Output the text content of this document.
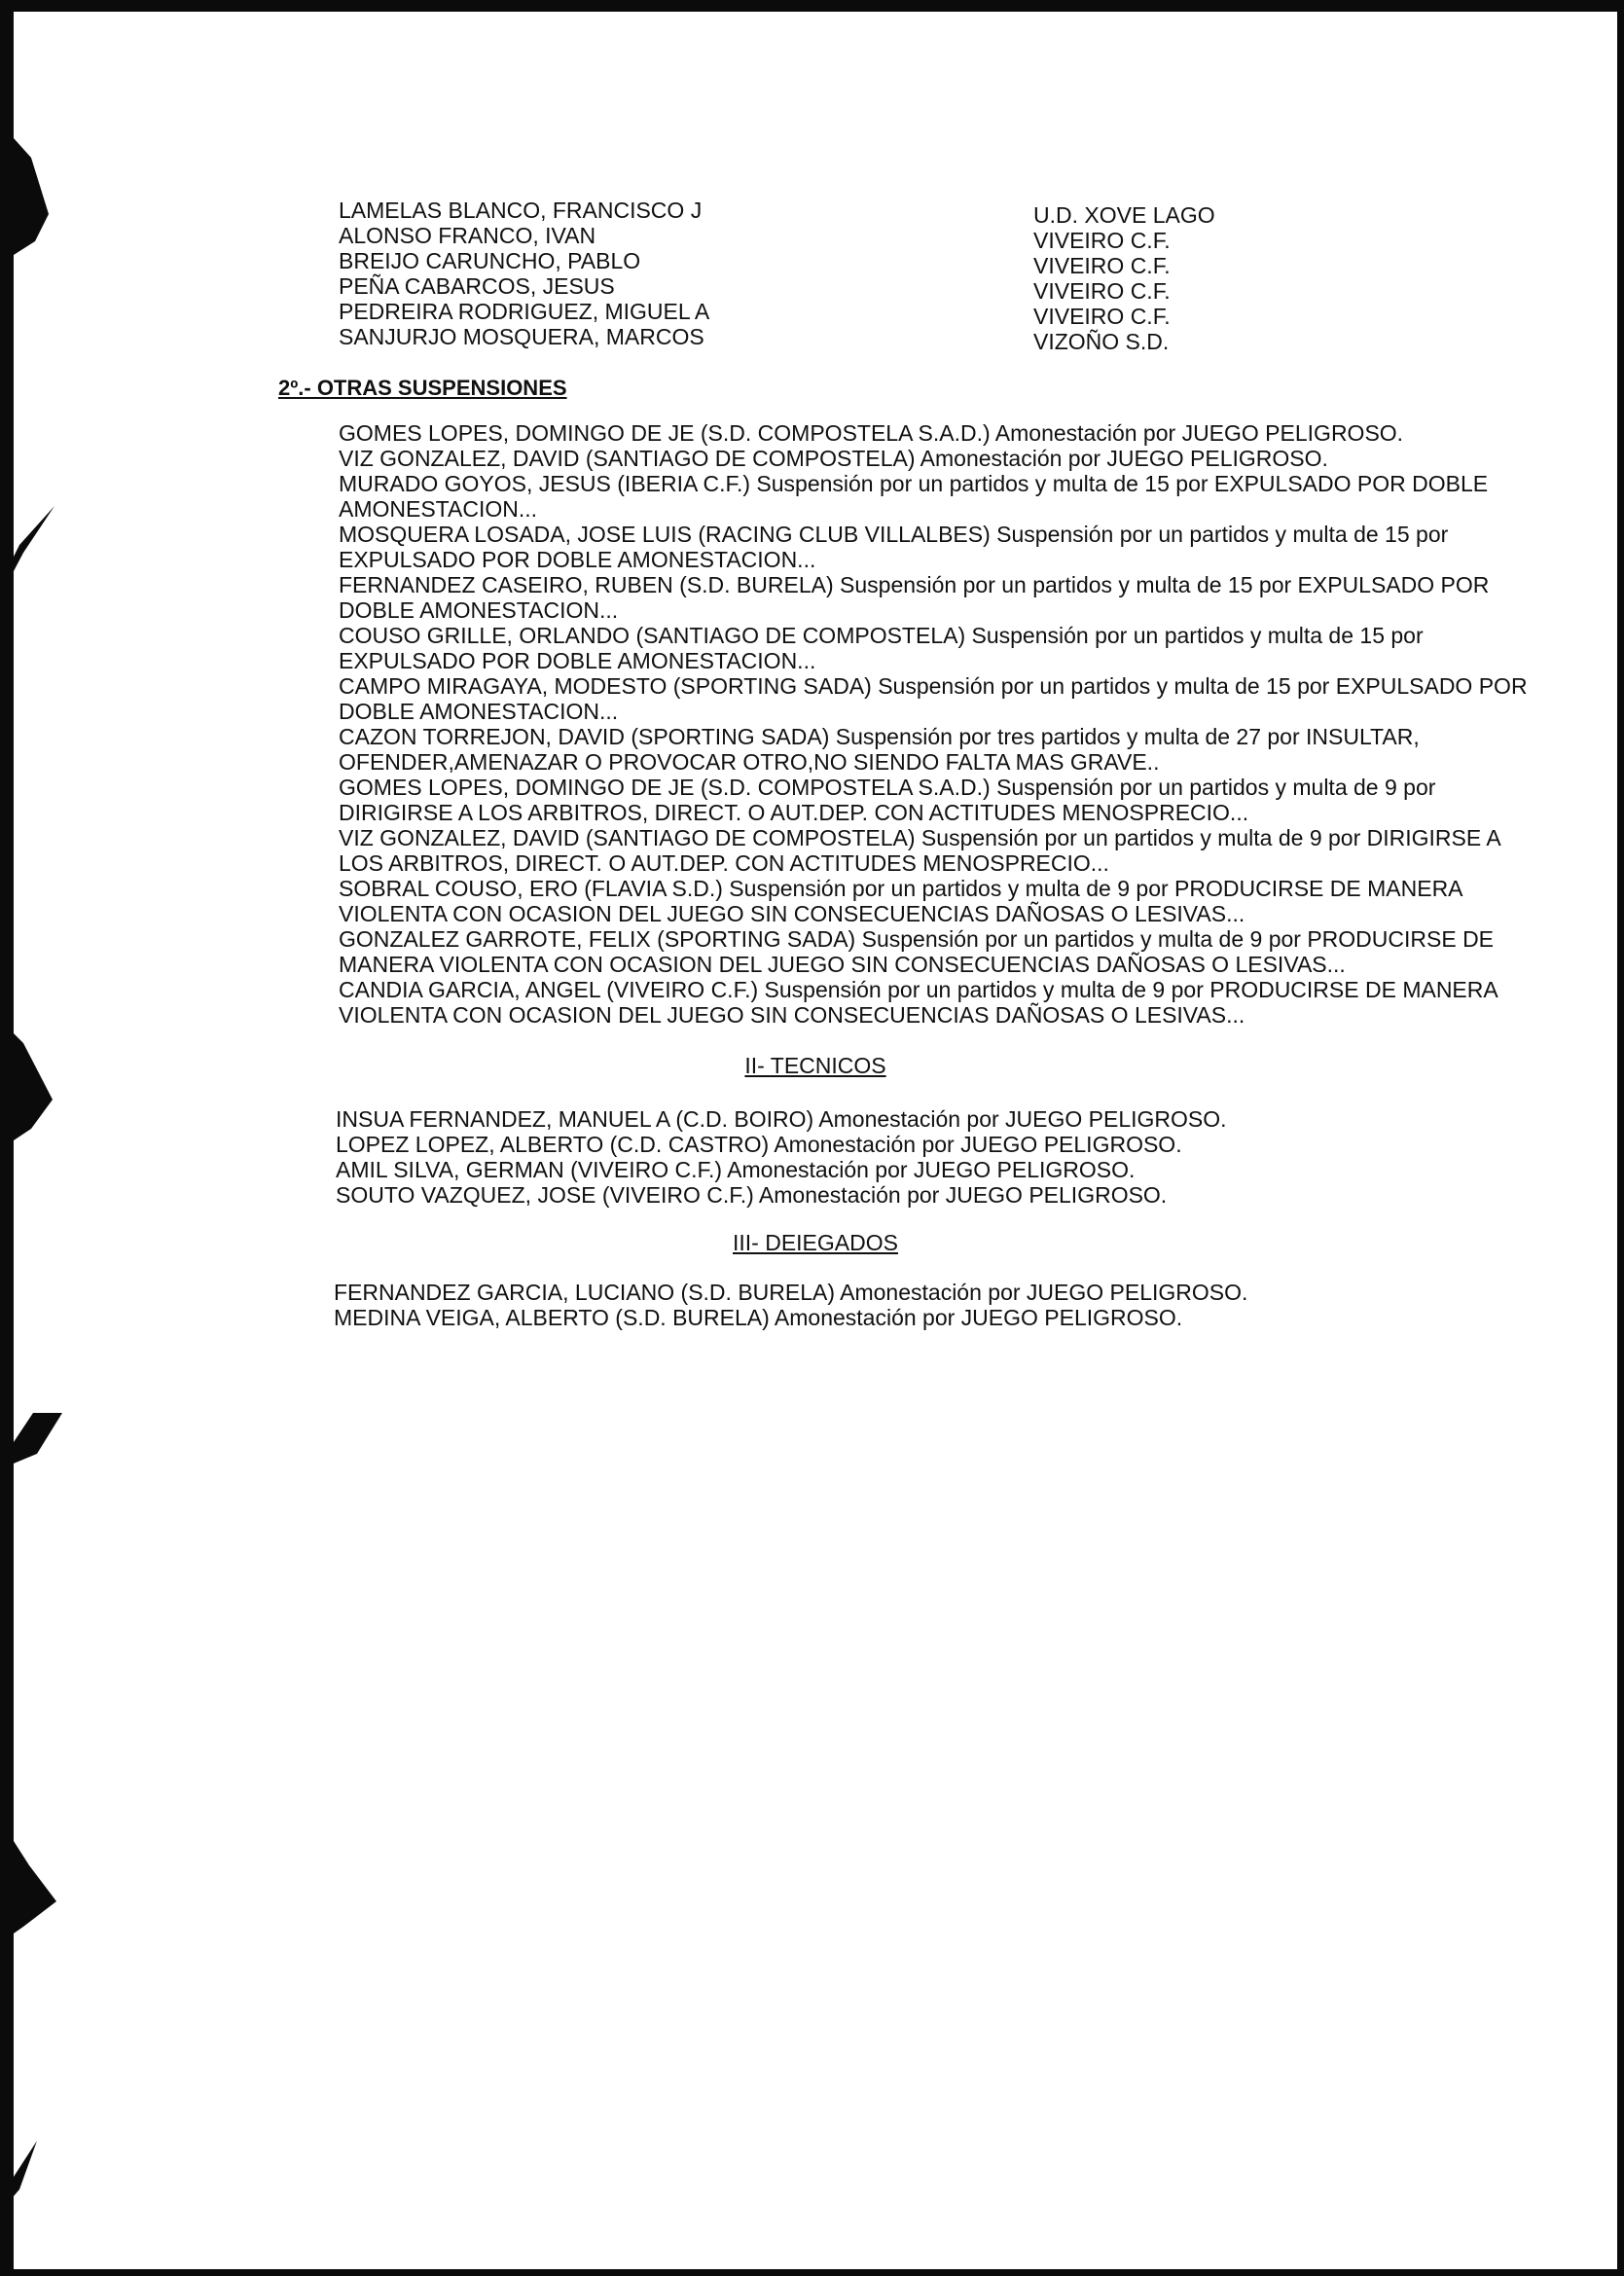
LAMELAS BLANCO, FRANCISCO J
ALONSO FRANCO, IVAN
BREIJO CARUNCHO, PABLO
PEÑA CABARCOS, JESUS
PEDREIRA RODRIGUEZ, MIGUEL A
SANJURJO MOSQUERA, MARCOS
U.D. XOVE LAGO
VIVEIRO C.F.
VIVEIRO C.F.
VIVEIRO C.F.
VIVEIRO C.F.
VIZOÑO S.D.
2º.- OTRAS SUSPENSIONES
GOMES LOPES, DOMINGO DE JE (S.D. COMPOSTELA S.A.D.) Amonestación por JUEGO PELIGROSO.
VIZ GONZALEZ, DAVID (SANTIAGO DE COMPOSTELA) Amonestación por JUEGO PELIGROSO.
MURADO GOYOS, JESUS (IBERIA C.F.) Suspensión por un partidos y multa de 15 por EXPULSADO POR DOBLE
AMONESTACION...
MOSQUERA LOSADA, JOSE LUIS (RACING CLUB VILLALBES) Suspensión por un partidos y multa de 15 por
EXPULSADO POR DOBLE AMONESTACION...
FERNANDEZ CASEIRO, RUBEN (S.D. BURELA) Suspensión por un partidos y multa de 15 por EXPULSADO POR
DOBLE AMONESTACION...
COUSO GRILLE, ORLANDO (SANTIAGO DE COMPOSTELA) Suspensión por un partidos y multa de 15 por
EXPULSADO POR DOBLE AMONESTACION...
CAMPO MIRAGAYA, MODESTO (SPORTING SADA) Suspensión por un partidos y multa de 15 por EXPULSADO POR
DOBLE AMONESTACION...
CAZON TORREJON, DAVID (SPORTING SADA) Suspensión por tres partidos y multa de 27 por INSULTAR,
OFENDER,AMENAZAR O PROVOCAR OTRO,NO SIENDO FALTA MAS GRAVE..
GOMES LOPES, DOMINGO DE JE (S.D. COMPOSTELA S.A.D.) Suspensión por un partidos y multa de 9 por
DIRIGIRSE A LOS ARBITROS, DIRECT. O AUT.DEP. CON ACTITUDES MENOSPRECIO...
VIZ GONZALEZ, DAVID (SANTIAGO DE COMPOSTELA) Suspensión por un partidos y multa de 9 por DIRIGIRSE A
LOS ARBITROS, DIRECT. O AUT.DEP. CON ACTITUDES MENOSPRECIO...
SOBRAL COUSO, ERO (FLAVIA S.D.) Suspensión por un partidos y multa de 9 por PRODUCIRSE DE MANERA
VIOLENTA CON OCASION DEL JUEGO SIN CONSECUENCIAS DAÑOSAS O LESIVAS...
GONZALEZ GARROTE, FELIX (SPORTING SADA) Suspensión por un partidos y multa de 9 por PRODUCIRSE DE
MANERA VIOLENTA CON OCASION DEL JUEGO SIN CONSECUENCIAS DAÑOSAS O LESIVAS...
CANDIA GARCIA, ANGEL (VIVEIRO C.F.) Suspensión por un partidos y multa de 9 por PRODUCIRSE DE MANERA
VIOLENTA CON OCASION DEL JUEGO SIN CONSECUENCIAS DAÑOSAS O LESIVAS...
II- TECNICOS
INSUA FERNANDEZ, MANUEL A (C.D. BOIRO) Amonestación por JUEGO PELIGROSO.
LOPEZ LOPEZ, ALBERTO (C.D. CASTRO) Amonestación por JUEGO PELIGROSO.
AMIL SILVA, GERMAN (VIVEIRO C.F.) Amonestación por JUEGO PELIGROSO.
SOUTO VAZQUEZ, JOSE (VIVEIRO C.F.) Amonestación por JUEGO PELIGROSO.
III- DEIEGADOS
FERNANDEZ GARCIA, LUCIANO (S.D. BURELA) Amonestación por JUEGO PELIGROSO.
MEDINA VEIGA, ALBERTO (S.D. BURELA) Amonestación por JUEGO PELIGROSO.
